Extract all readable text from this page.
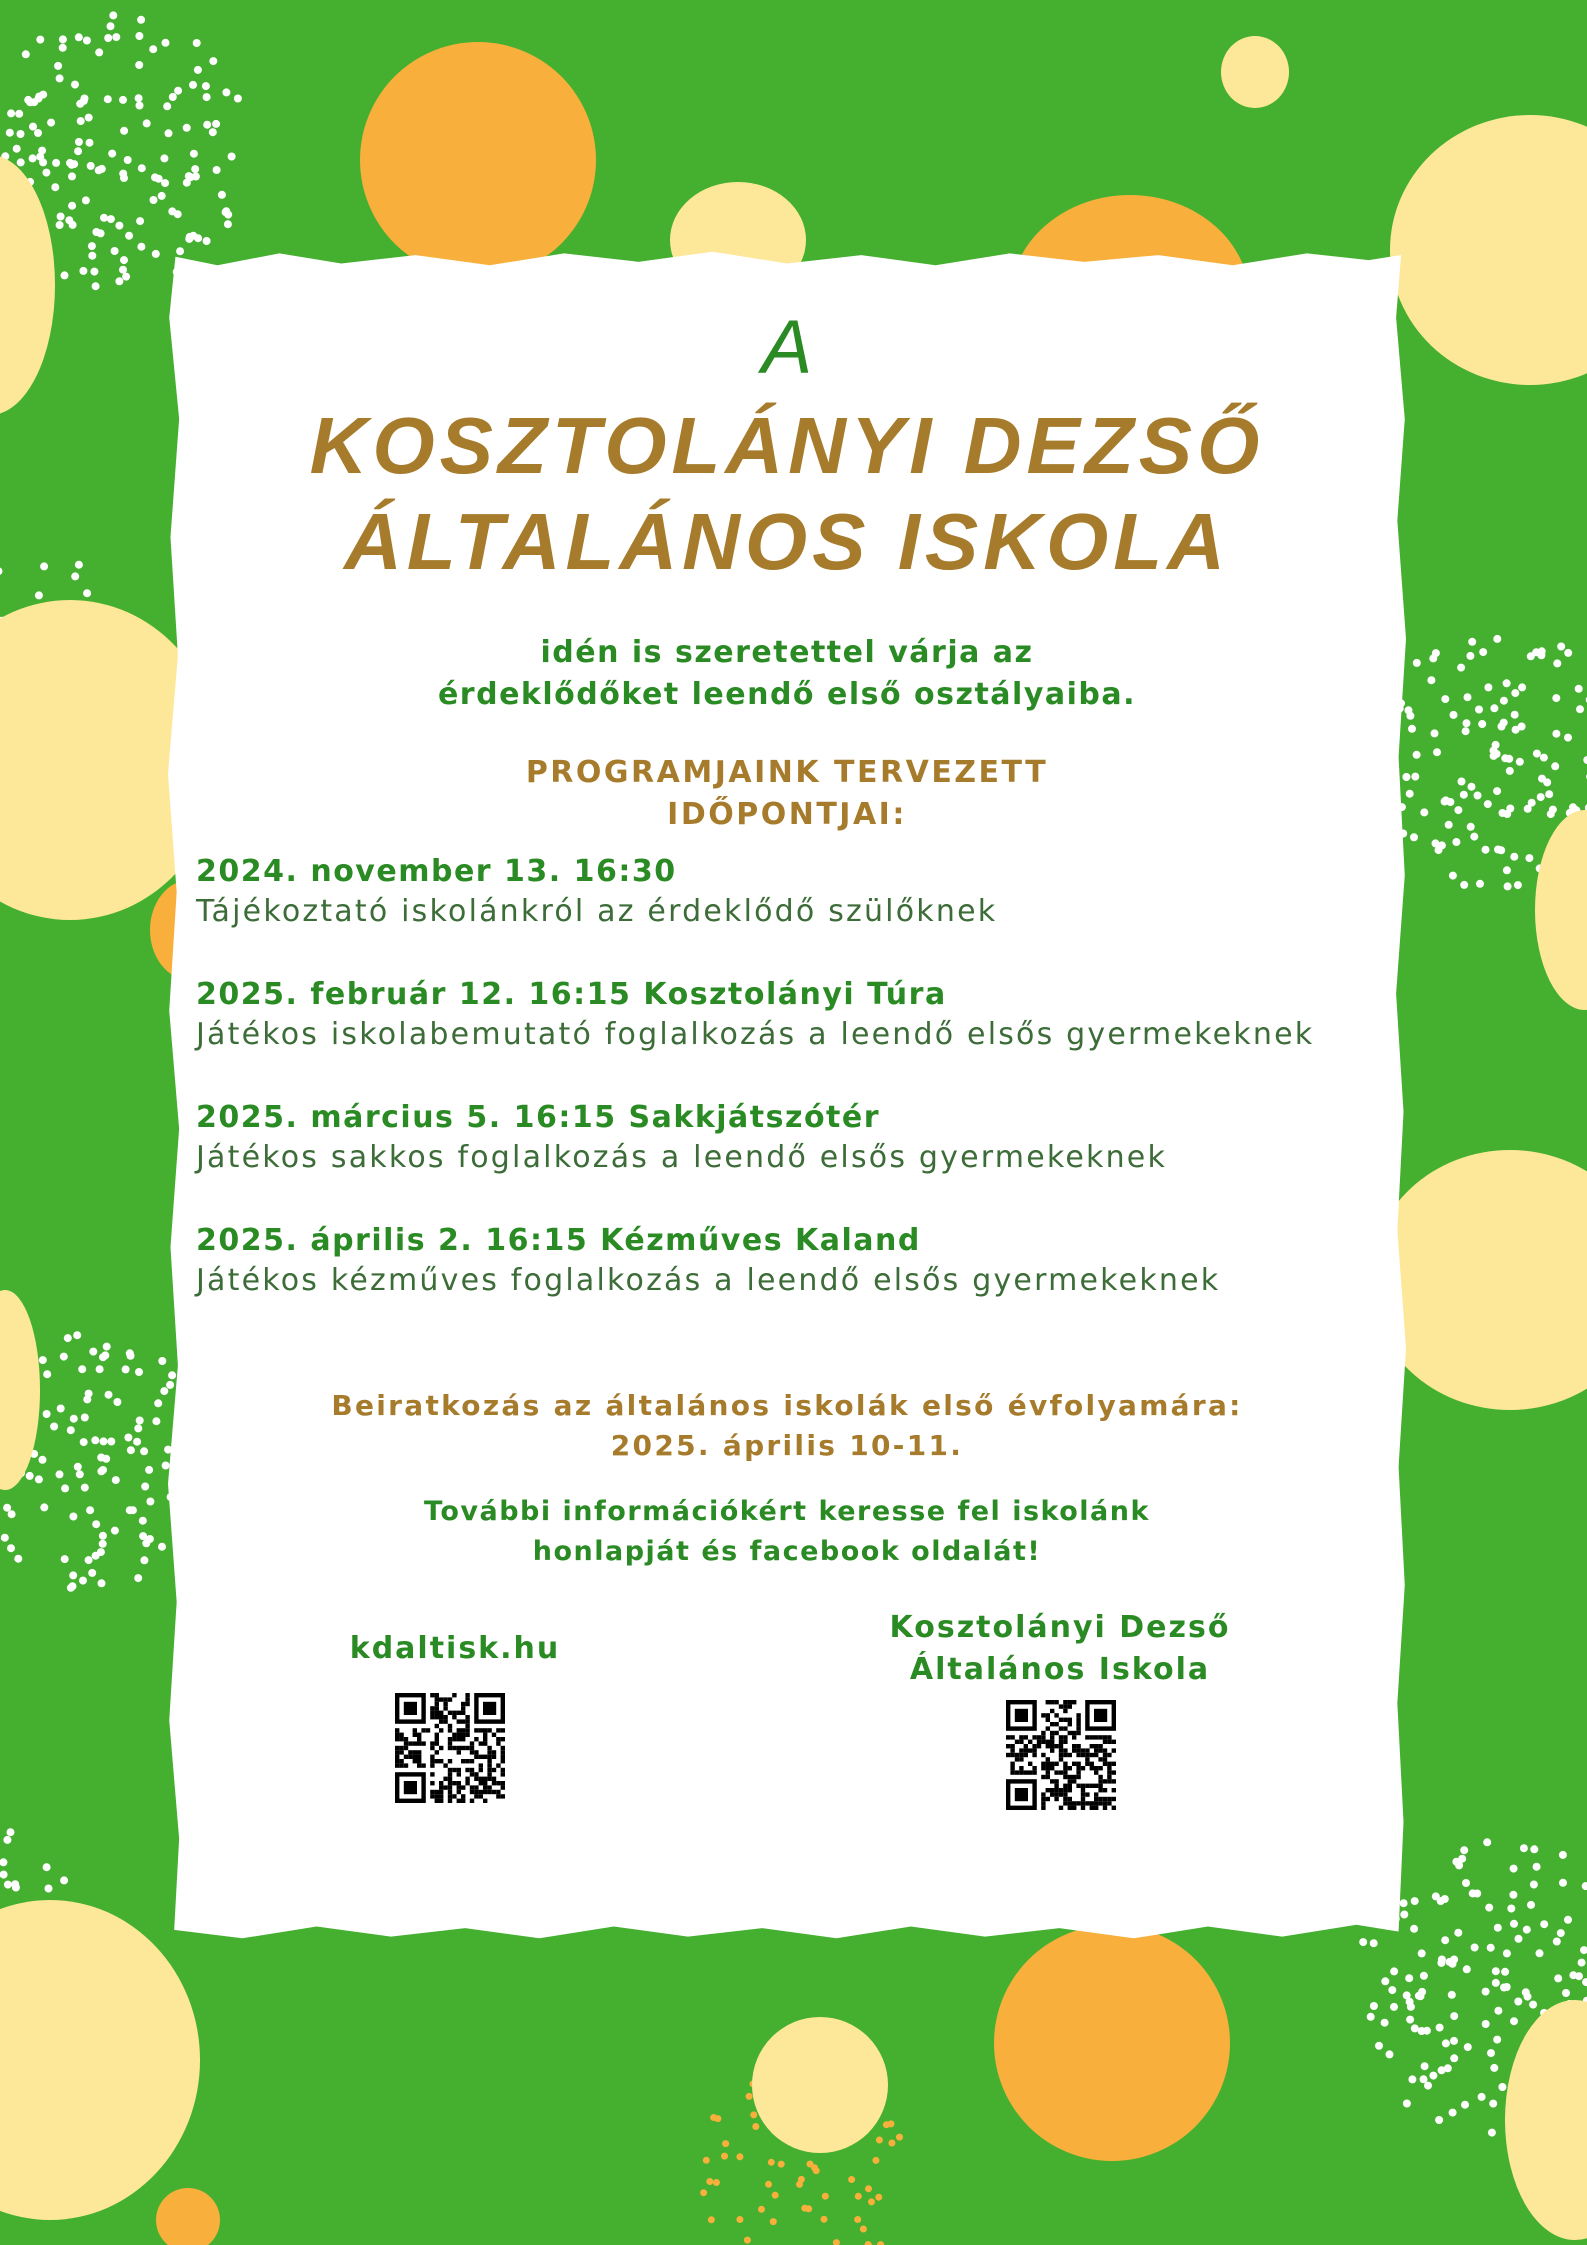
A
KOSZTOLÁNYI DEZSŐ
ÁLTALÁNOS ISKOLA
idén is szeretettel várja az
érdeklődőket leendő első osztályaiba.
PROGRAMJAINK TERVEZETT
IDŐPONTJAI:
2024. november 13. 16:30
Tájékoztató iskolánkról az érdeklődő szülőknek
2025. február 12. 16:15 Kosztolányi Túra
Játékos iskolabemutató foglalkozás a leendő elsős gyermekeknek
2025. március 5. 16:15 Sakkjátszótér
Játékos sakkos foglalkozás a leendő elsős gyermekeknek
2025. április 2. 16:15 Kézműves Kaland
Játékos kézműves foglalkozás a leendő elsős gyermekeknek
Beiratkozás az általános iskolák első évfolyamára:
2025. április 10-11.
További információkért keresse fel iskolánk
honlapját és facebook oldalát!
kdaltisk.hu
Kosztolányi Dezső
Általános Iskola
